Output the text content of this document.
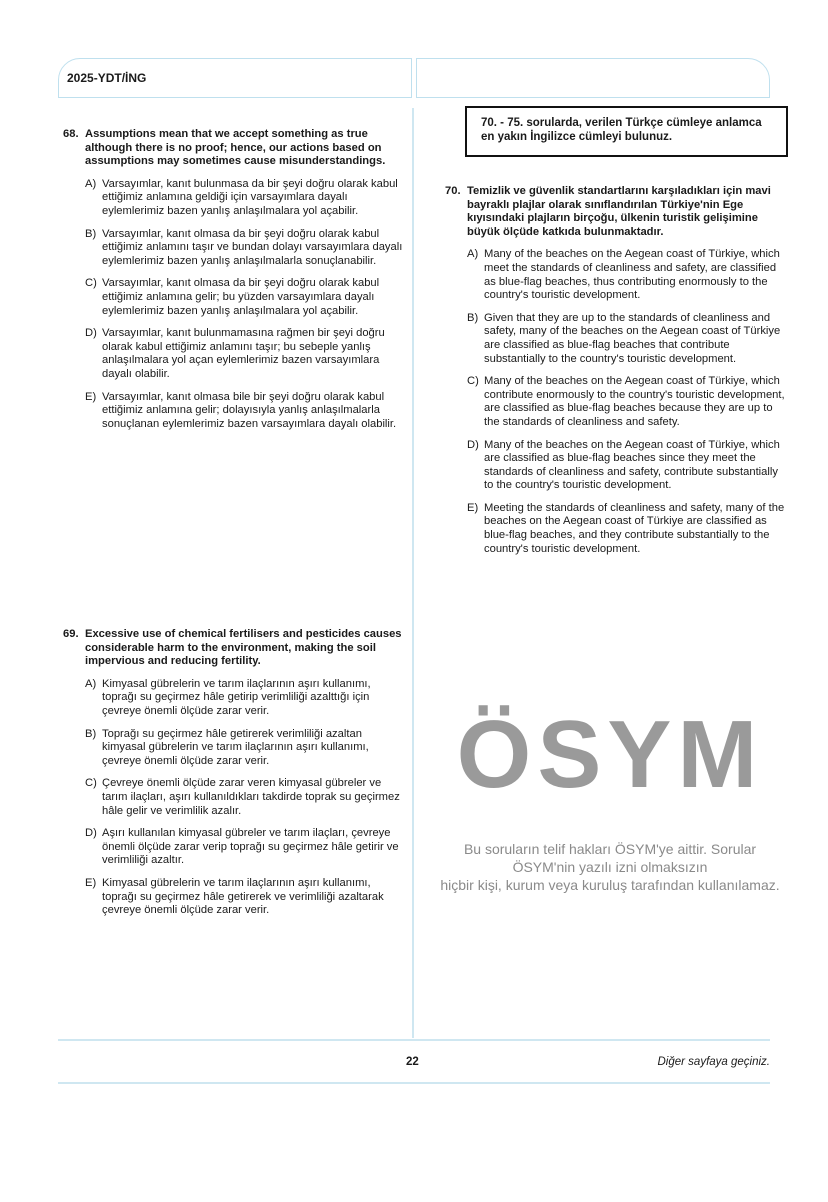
2025-YDT/İNG
70. - 75. sorularda, verilen Türkçe cümleye anlamca en yakın İngilizce cümleyi bulunuz.
68. Assumptions mean that we accept something as true although there is no proof; hence, our actions based on assumptions may sometimes cause misunderstandings.
A) Varsayımlar, kanıt bulunmasa da bir şeyi doğru olarak kabul ettiğimiz anlamına geldiği için varsayımlara dayalı eylemlerimiz bazen yanlış anlaşılmalara yol açabilir.
B) Varsayımlar, kanıt olmasa da bir şeyi doğru olarak kabul ettiğimiz anlamını taşır ve bundan dolayı varsayımlara dayalı eylemlerimiz bazen yanlış anlaşılmalarla sonuçlanabilir.
C) Varsayımlar, kanıt olmasa da bir şeyi doğru olarak kabul ettiğimiz anlamına gelir; bu yüzden varsayımlara dayalı eylemlerimiz bazen yanlış anlaşılmalara yol açabilir.
D) Varsayımlar, kanıt bulunmamasına rağmen bir şeyi doğru olarak kabul ettiğimiz anlamını taşır; bu sebeple yanlış anlaşılmalara yol açan eylemlerimiz bazen varsayımlara dayalı olabilir.
E) Varsayımlar, kanıt olmasa bile bir şeyi doğru olarak kabul ettiğimiz anlamına gelir; dolayısıyla yanlış anlaşılmalarla sonuçlanan eylemlerimiz bazen varsayımlara dayalı olabilir.
69. Excessive use of chemical fertilisers and pesticides causes considerable harm to the environment, making the soil impervious and reducing fertility.
A) Kimyasal gübrelerin ve tarım ilaçlarının aşırı kullanımı, toprağı su geçirmez hâle getirip verimliliği azalttığı için çevreye önemli ölçüde zarar verir.
B) Toprağı su geçirmez hâle getirerek verimliliği azaltan kimyasal gübrelerin ve tarım ilaçlarının aşırı kullanımı, çevreye önemli ölçüde zarar verir.
C) Çevreye önemli ölçüde zarar veren kimyasal gübreler ve tarım ilaçları, aşırı kullanıldıkları takdirde toprak su geçirmez hâle gelir ve verimlilik azalır.
D) Aşırı kullanılan kimyasal gübreler ve tarım ilaçları, çevreye önemli ölçüde zarar verip toprağı su geçirmez hâle getirir ve verimliliği azaltır.
E) Kimyasal gübrelerin ve tarım ilaçlarının aşırı kullanımı, toprağı su geçirmez hâle getirerek ve verimliliği azaltarak çevreye önemli ölçüde zarar verir.
70. Temizlik ve güvenlik standartlarını karşıladıkları için mavi bayraklı plajlar olarak sınıflandırılan Türkiye'nin Ege kıyısındaki plajların birçoğu, ülkenin turistik gelişimine büyük ölçüde katkıda bulunmaktadır.
A) Many of the beaches on the Aegean coast of Türkiye, which meet the standards of cleanliness and safety, are classified as blue-flag beaches, thus contributing enormously to the country's touristic development.
B) Given that they are up to the standards of cleanliness and safety, many of the beaches on the Aegean coast of Türkiye are classified as blue-flag beaches that contribute substantially to the country's touristic development.
C) Many of the beaches on the Aegean coast of Türkiye, which contribute enormously to the country's touristic development, are classified as blue-flag beaches because they are up to the standards of cleanliness and safety.
D) Many of the beaches on the Aegean coast of Türkiye, which are classified as blue-flag beaches since they meet the standards of cleanliness and safety, contribute substantially to the country's touristic development.
E) Meeting the standards of cleanliness and safety, many of the beaches on the Aegean coast of Türkiye are classified as blue-flag beaches, and they contribute substantially to the country's touristic development.
ÖSYM
Bu soruların telif hakları ÖSYM'ye aittir. Sorular ÖSYM'nin yazılı izni olmaksızın
hiçbir kişi, kurum veya kuruluş tarafından kullanılamaz.
22	Diğer sayfaya geçiniz.
